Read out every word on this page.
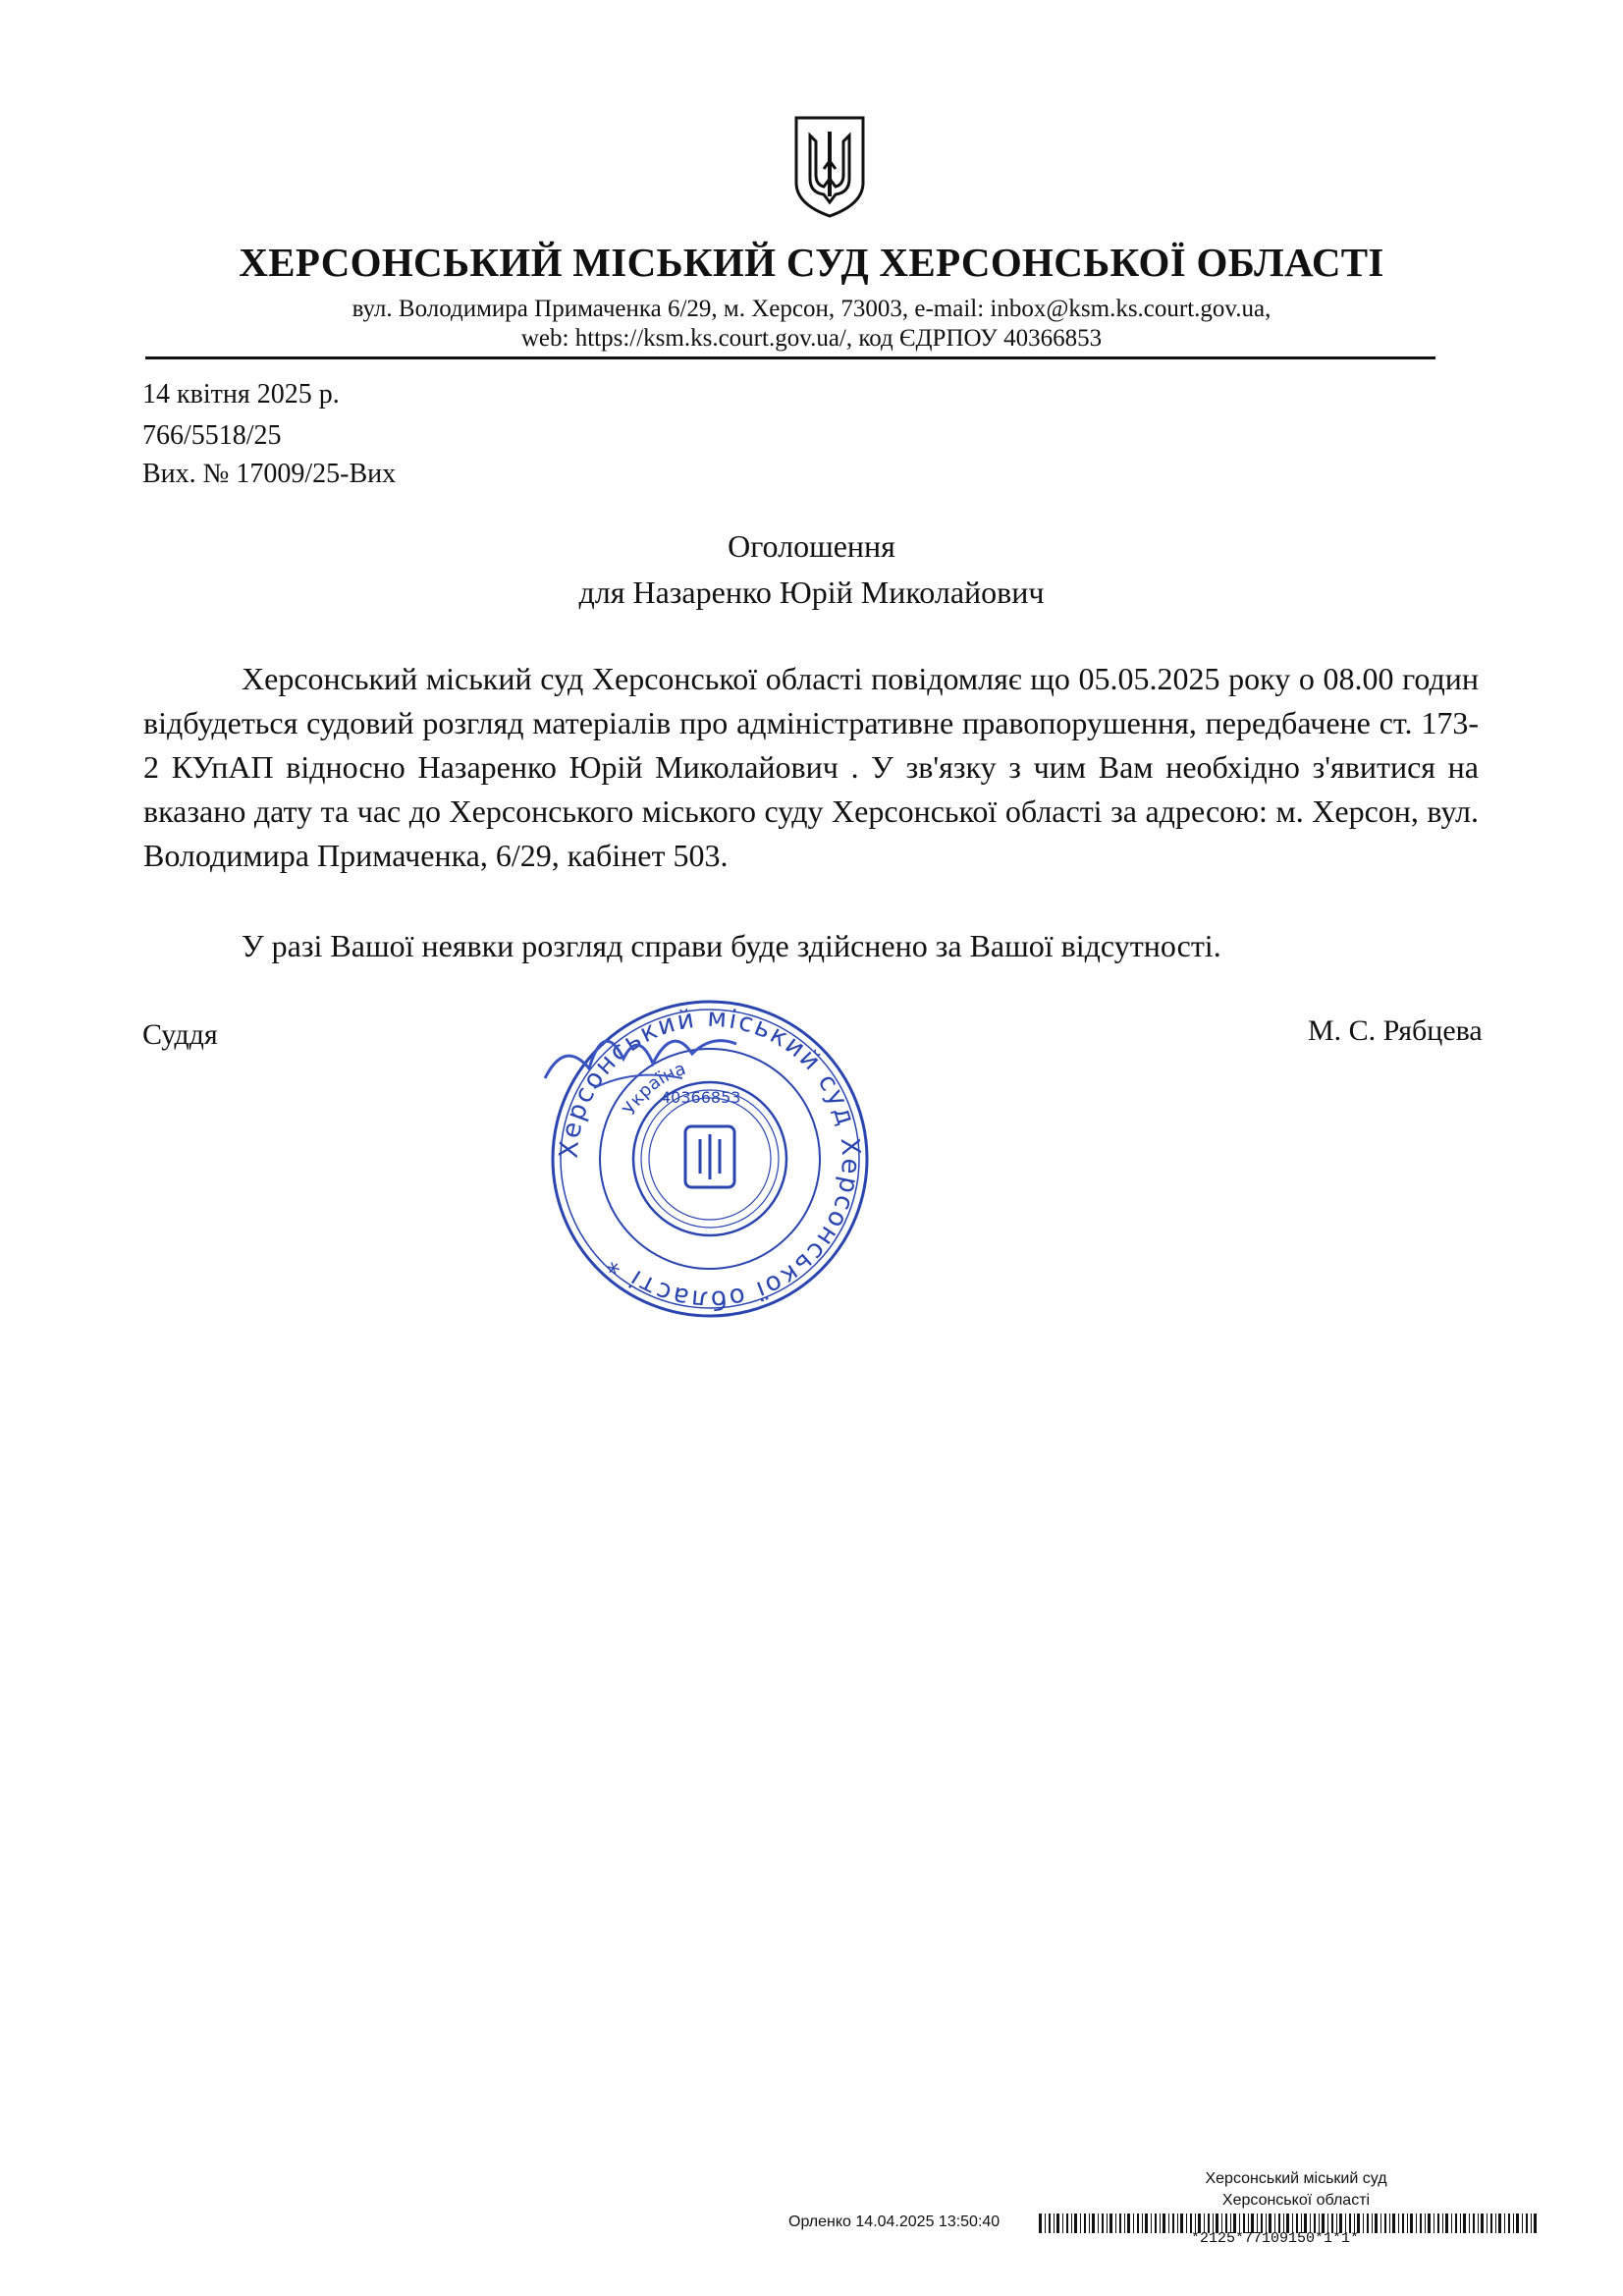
ХЕРСОНСЬКИЙ МІСЬКИЙ СУД ХЕРСОНСЬКОЇ ОБЛАСТІ
вул. Володимира Примаченка 6/29, м. Херсон, 73003, e-mail: inbox@ksm.ks.court.gov.ua,
web: https://ksm.ks.court.gov.ua/, код ЄДРПОУ 40366853
14 квітня 2025 р.
766/5518/25
Вих. № 17009/25-Вих
Оголошення
для Назаренко Юрій Миколайович
Херсонський міський суд Херсонської області повідомляє що 05.05.2025 року о 08.00 годин відбудеться судовий розгляд матеріалів про адміністративне правопорушення, передбачене ст. 173-2 КУпАП відносно Назаренко Юрій Миколайович . У зв'язку з чим Вам необхідно з'явитися на вказано дату та час до Херсонського міського суду Херсонської області за адресою: м. Херсон, вул. Володимира Примаченка, 6/29, кабінет 503.
У разі Вашої неявки розгляд справи буде здійснено за Вашої відсутності.
Суддя	М. С. Рябцева
Херсонський міський суд Херсонської області *
Україна
40366853
Херсонський міський суд
Херсонської області
Орленко 14.04.2025 13:50:40
*2125*77109150*1*1*
